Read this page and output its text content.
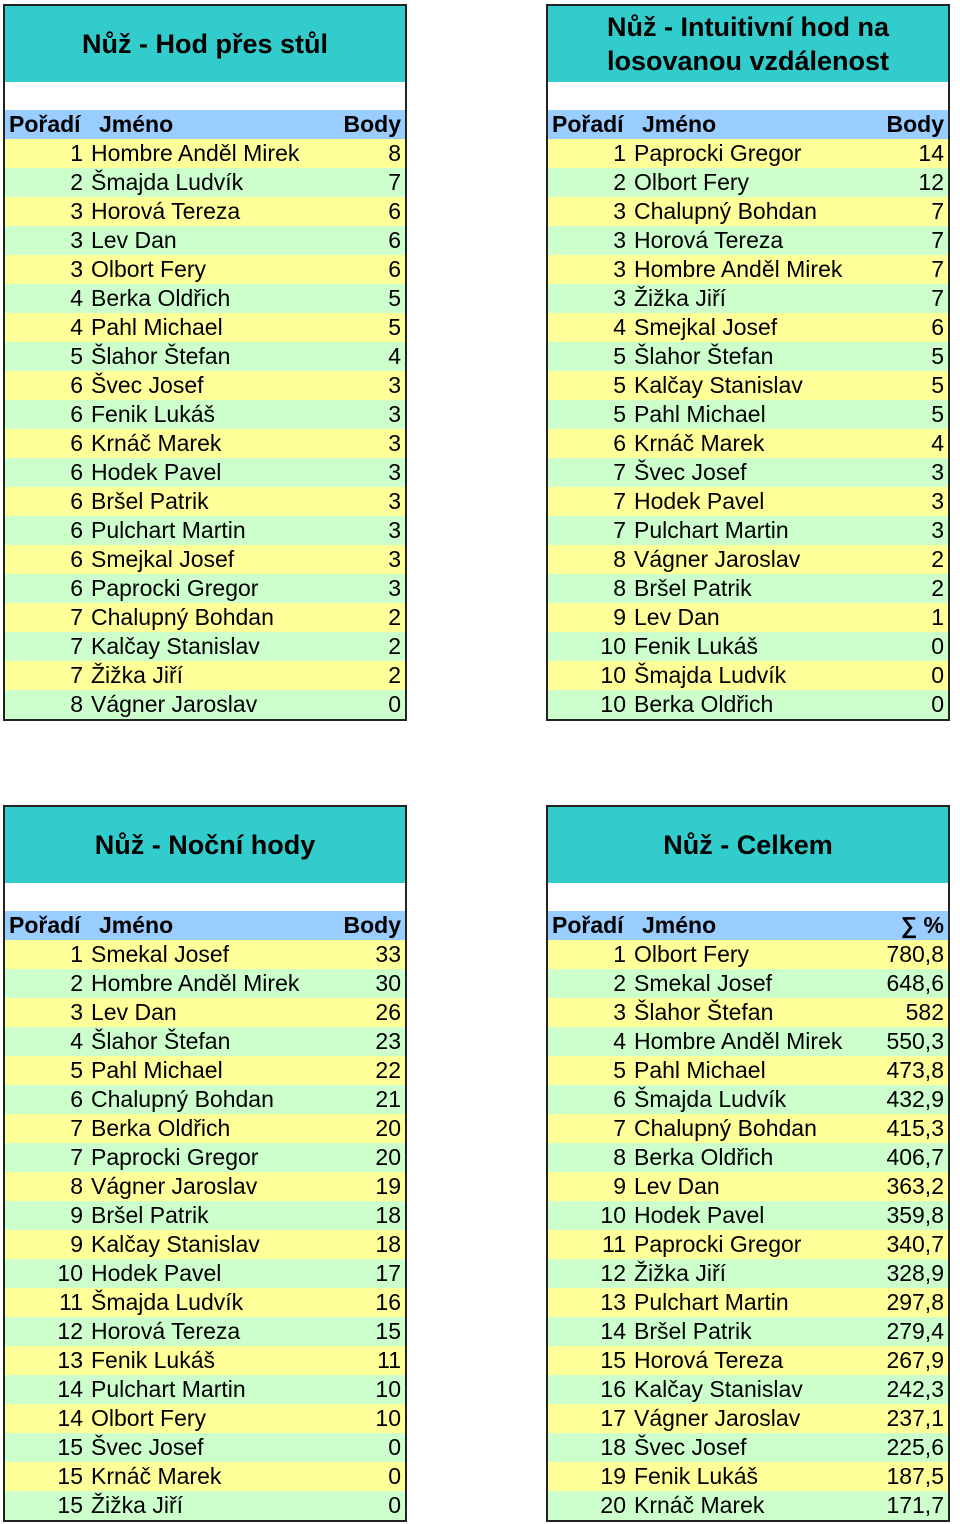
Nůž - Hod přes stůl
Pořadí Jméno	Body
1 Hombre Anděl Mirek	8
2 Šmajda Ludvík	7
3 Horová Tereza	6
3 Lev Dan	6
3 Olbort Fery	6
4 Berka Oldřich	5
4 Pahl Michael	5
5 Šlahor Štefan	4
6 Švec Josef	3
6 Fenik Lukáš	3
6 Krnáč Marek	3
6 Hodek Pavel	3
6 Bršel Patrik	3
6 Pulchart Martin	3
6 Smejkal Josef	3
6 Paprocki Gregor	3
7 Chalupný Bohdan	2
7 Kalčay Stanislav	2
7 Žižka Jiří	2
8 Vágner Jaroslav	0
Nůž - Intuitivní hod na losovanou vzdálenost
Pořadí Jméno	Body
1 Paprocki Gregor	14
2 Olbort Fery	12
3 Chalupný Bohdan	7
3 Horová Tereza	7
3 Hombre Anděl Mirek	7
3 Žižka Jiří	7
4 Smejkal Josef	6
5 Šlahor Štefan	5
5 Kalčay Stanislav	5
5 Pahl Michael	5
6 Krnáč Marek	4
7 Švec Josef	3
7 Hodek Pavel	3
7 Pulchart Martin	3
8 Vágner Jaroslav	2
8 Bršel Patrik	2
9 Lev Dan	1
10 Fenik Lukáš	0
10 Šmajda Ludvík	0
10 Berka Oldřich	0
Nůž - Noční hody
Pořadí Jméno	Body
1 Smekal Josef	33
2 Hombre Anděl Mirek	30
3 Lev Dan	26
4 Šlahor Štefan	23
5 Pahl Michael	22
6 Chalupný Bohdan	21
7 Berka Oldřich	20
7 Paprocki Gregor	20
8 Vágner Jaroslav	19
9 Bršel Patrik	18
9 Kalčay Stanislav	18
10 Hodek Pavel	17
11 Šmajda Ludvík	16
12 Horová Tereza	15
13 Fenik Lukáš	11
14 Pulchart Martin	10
14 Olbort Fery	10
15 Švec Josef	0
15 Krnáč Marek	0
15 Žižka Jiří	0
Nůž - Celkem
Pořadí Jméno	∑ %
1 Olbort Fery	780,8
2 Smekal Josef	648,6
3 Šlahor Štefan	582
4 Hombre Anděl Mirek	550,3
5 Pahl Michael	473,8
6 Šmajda Ludvík	432,9
7 Chalupný Bohdan	415,3
8 Berka Oldřich	406,7
9 Lev Dan	363,2
10 Hodek Pavel	359,8
11 Paprocki Gregor	340,7
12 Žižka Jiří	328,9
13 Pulchart Martin	297,8
14 Bršel Patrik	279,4
15 Horová Tereza	267,9
16 Kalčay Stanislav	242,3
17 Vágner Jaroslav	237,1
18 Švec Josef	225,6
19 Fenik Lukáš	187,5
20 Krnáč Marek	171,7
